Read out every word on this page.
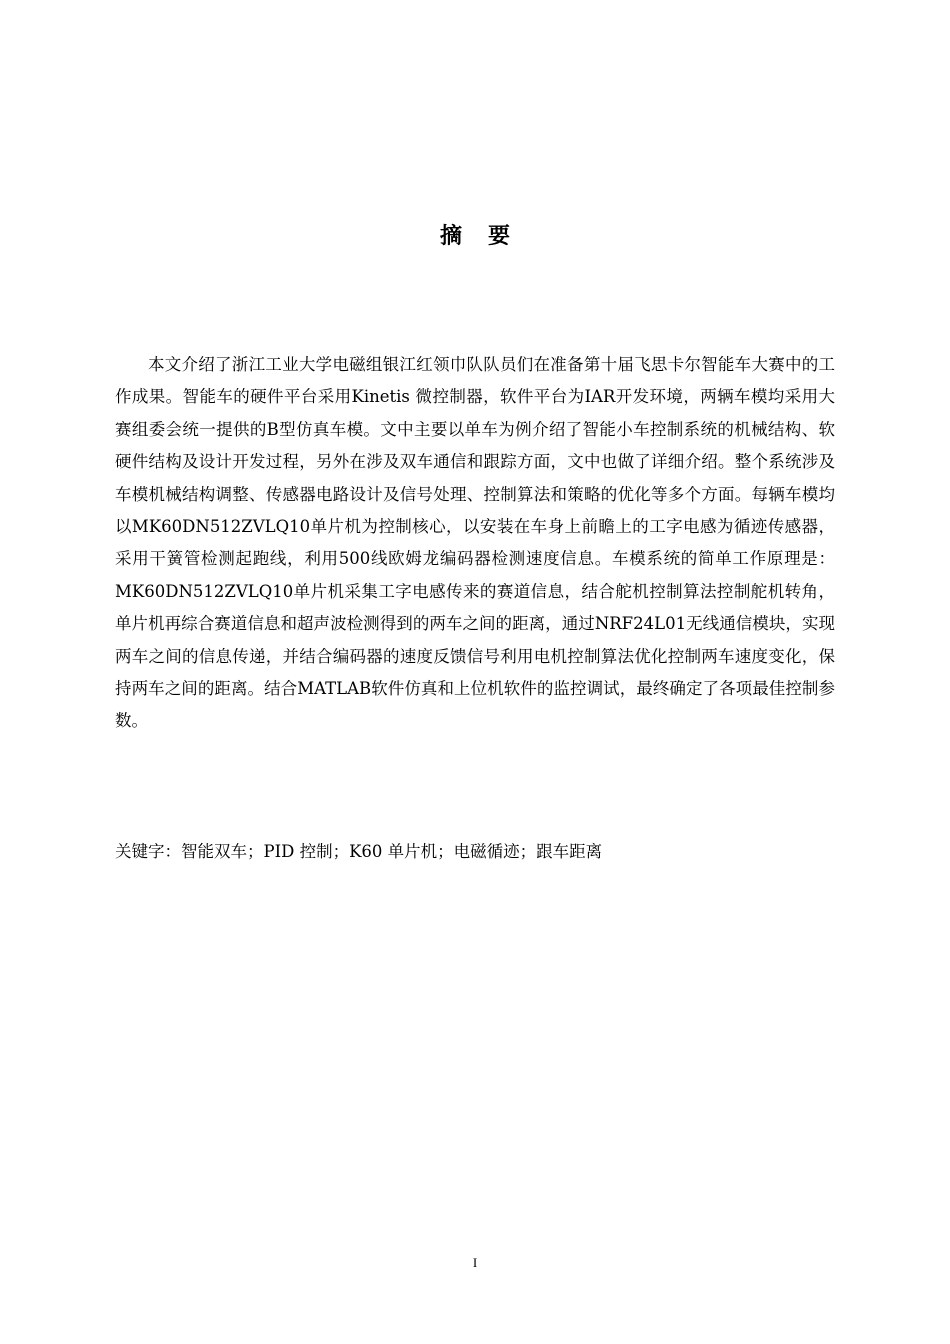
摘要

本文介绍了浙江工业大学电磁组银江红领巾队队员们在准备第十届飞思卡尔智能车大赛中的工作成果。智能车的硬件平台采用Kinetis 微控制器，软件平台为IAR开发环境，两辆车模均采用大赛组委会统一提供的B型仿真车模。文中主要以单车为例介绍了智能小车控制系统的机械结构、软硬件结构及设计开发过程，另外在涉及双车通信和跟踪方面，文中也做了详细介绍。整个系统涉及车模机械结构调整、传感器电路设计及信号处理、控制算法和策略的优化等多个方面。每辆车模均以MK60DN512ZVLQ10单片机为控制核心，以安装在车身上前瞻上的工字电感为循迹传感器，采用干簧管检测起跑线，利用500线欧姆龙编码器检测速度信息。车模系统的简单工作原理是：MK60DN512ZVLQ10单片机采集工字电感传来的赛道信息，结合舵机控制算法控制舵机转角，单片机再综合赛道信息和超声波检测得到的两车之间的距离，通过NRF24L01无线通信模块，实现两车之间的信息传递，并结合编码器的速度反馈信号利用电机控制算法优化控制两车速度变化，保持两车之间的距离。结合MATLAB软件仿真和上位机软件的监控调试，最终确定了各项最佳控制参数。

关键字：智能双车；PID 控制；K60 单片机；电磁循迹；跟车距离

I
